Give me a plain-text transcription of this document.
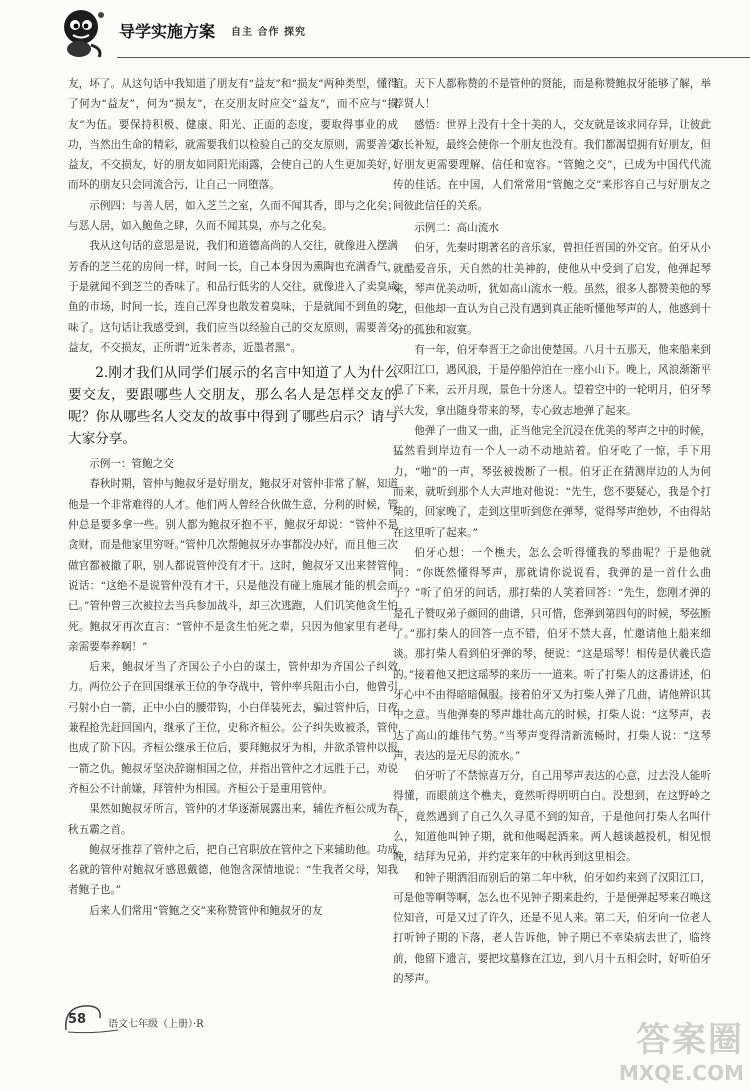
导学实施方案 自主 合作 探究

友，坏了。从这句话中我知道了朋友有“益友”和“损友”两种类型，懂得了何为“益友”，何为“损友”，在交朋友时应交“益友”，而不应与“损友”为伍。要保持积极、健康、阳光、正面的态度，要取得事业的成功，当然出生命的精彩，就需要我们以检验自己的交友原则，需要善交益友，不交损友，好的朋友如同阳光雨露，会使自己的人生更加美好，而坏的朋友只会同流合污，让自己一同堕落。

示例四：与善人居，如入芝兰之室，久而不闻其香，即与之化矣；与恶人居，如入鲍鱼之肆，久而不闻其臭，亦与之化矣。

我从这句话的意思是说，我们和道德高尚的人交往，就像进入摆满芳香的芝兰花的房间一样，时间一长，自己本身因为熏陶也充满香气，于是就闻不到芝兰的香味了。和品行低劣的人交往，就像进入了卖臭咸鱼的市场，时间一长，连自己浑身也散发着臭味，于是就闻不到鱼的臭味了。这句话让我感受到，我们应当以经验自己的交友原则，需要善交益友，不交损友，正所谓“近朱者赤，近墨者黑”。

2.刚才我们从同学们展示的名言中知道了人为什么要交友，要跟哪些人交朋友，那么名人是怎样交友的呢？你从哪些名人交友的故事中得到了哪些启示？请与大家分享。

示例一：管鲍之交

春秋时期，管仲与鲍叔牙是好朋友，鲍叔牙对管仲非常了解，知道他是一个非常难得的人才。他们两人曾经合伙做生意，分利的时候，管仲总是要多拿一些。别人都为鲍叔牙抱不平，鲍叔牙却说：“管仲不是贪财，而是他家里穷呀。”管仲几次帮鲍叔牙办事都没办好，而且他三次做官都被撤了职，别人都说管仲没有才干。这时，鲍叔牙又出来替管仲说话：“这绝不是说管仲没有才干，只是他没有碰上施展才能的机会而已。”管仲曾三次被拉去当兵参加战斗，却三次逃跑，人们讥笑他贪生怕死。鲍叔牙再次直言：“管仲不是贪生怕死之辈，只因为他家里有老母亲需要奉养啊！”

后来，鲍叔牙当了齐国公子小白的谋士，管仲却为齐国公子纠效力。两位公子在回国继承王位的争夺战中，管仲率兵阻击小白，他曾引弓射小白一箭，正中小白的腰带钩，小白佯装死去，骗过管仲后，日夜兼程抢先赶回国内，继承了王位，史称齐桓公。公子纠失败被杀，管仲也成了阶下囚。齐桓公继承王位后，要拜鲍叔牙为相，并欲杀管仲以报一箭之仇。鲍叔牙坚决辞谢相国之位，并指出管仲之才远胜于己，劝说齐桓公不计前嫌，拜管仲为相国。齐桓公于是重用管仲。

果然如鲍叔牙所言，管仲的才华逐渐展露出来，辅佐齐桓公成为春秋五霸之首。

鲍叔牙推荐了管仲之后，把自己官职放在管仲之下来辅助他。功成名就的管仲对鲍叔牙感恩戴德，他饱含深情地说：“生我者父母，知我者鲍子也。”

后来人们常用“管鲍之交”来称赞管仲和鲍叔牙的友

谊。天下人都称赞的不是管仲的贤能，而是称赞鲍叔牙能够了解，举荐贤人！

感悟：世界上没有十全十美的人，交友就是该求同存异，让彼此取长补短，最终会使你一个朋友也没有。我们都渴望拥有好朋友，但好朋友更需要理解、信任和宽容。“管鲍之交”，已成为中国代代流传的佳话。在中国，人们常常用“管鲍之交”来形容自己与好朋友之间彼此信任的关系。

示例二：高山流水

伯牙，先秦时期著名的音乐家，曾担任晋国的外交官。伯牙从小就酷爱音乐，天自然的壮美神韵，使他从中受到了启发，他弹起琴来，琴声优美动听，犹如高山流水一般。虽然，很多人都赞美他的琴艺，但他却一直认为自己没有遇到真正能听懂他琴声的人，他感到十分的孤独和寂寞。

有一年，伯牙奉晋王之命出使楚国。八月十五那天，他来船来到汉阳江口，遇风浪，于是停船停泊在一座小山下。晚上，风浪渐渐平息了下来，云开月现，景色十分迷人。望着空中的一轮明月，伯牙琴兴大发，拿出随身带来的琴，专心致志地弹了起来。

他弹了一曲又一曲，正当他完全沉浸在优美的琴声之中的时候，猛然看到岸边有一个人一动不动地站着。伯牙吃了一惊，手下用力，“啪”的一声，琴弦被拨断了一根。伯牙正在猜测岸边的人为何而来，就听到那个人大声地对他说：“先生，您不要疑心，我是个打柴的，回家晚了，走到这里听到您在弹琴，觉得琴声绝妙，不由得站在这里听了起来。”

伯牙心想：一个樵夫，怎么会听得懂我的琴曲呢？于是他就问：“你既然懂得琴声，那就请你说说看，我弹的是一首什么曲子？”听了伯牙的问话，那打柴的人笑着回答：“先生，您刚才弹的是孔子赞叹弟子颜回的曲谱，只可惜，您弹到第四句的时候，琴弦断了。”那打柴人的回答一点不错，伯牙不禁大喜，忙邀请他上船来细谈。那打柴人看到伯牙弹的琴，便说：“这是瑶琴！相传是伏羲氏造的。”接着他又把这瑶琴的来历一一道来。听了打柴人的这番讲述，伯牙心中不由得暗暗佩服。接着伯牙又为打柴人弹了几曲，请他辨识其中之意。当他弹奏的琴声雄壮高亢的时候，打柴人说：“这琴声，表达了高山的雄伟气势。”当琴声变得清新流畅时，打柴人说：“这琴声，表达的是无尽的流水。”

伯牙听了不禁惊喜万分，自己用琴声表达的心意，过去没人能听得懂，而眼前这个樵夫，竟然听得明明白白。没想到，在这野岭之下，竟然遇到了自己久久寻觅不到的知音，于是他问打柴人名叫什么，知道他叫钟子期，就和他喝起酒来。两人越谈越投机，相见恨晚，结拜为兄弟，并约定来年的中秋再到这里相会。

和钟子期洒泪而别后的第二年中秋，伯牙如约来到了汉阳江口，可是他等啊等啊，怎么也不见钟子期来赴约，于是便弹起琴来召唤这位知音，可是又过了许久，还是不见人来。第二天，伯牙向一位老人打听钟子期的下落，老人告诉他，钟子期已不幸染病去世了，临终前，他留下遗言，要把坟墓修在江边，到八月十五相会时，好听伯牙的琴声。

58 语文七年级（上册）·R	答案圈
MXQE.COM
